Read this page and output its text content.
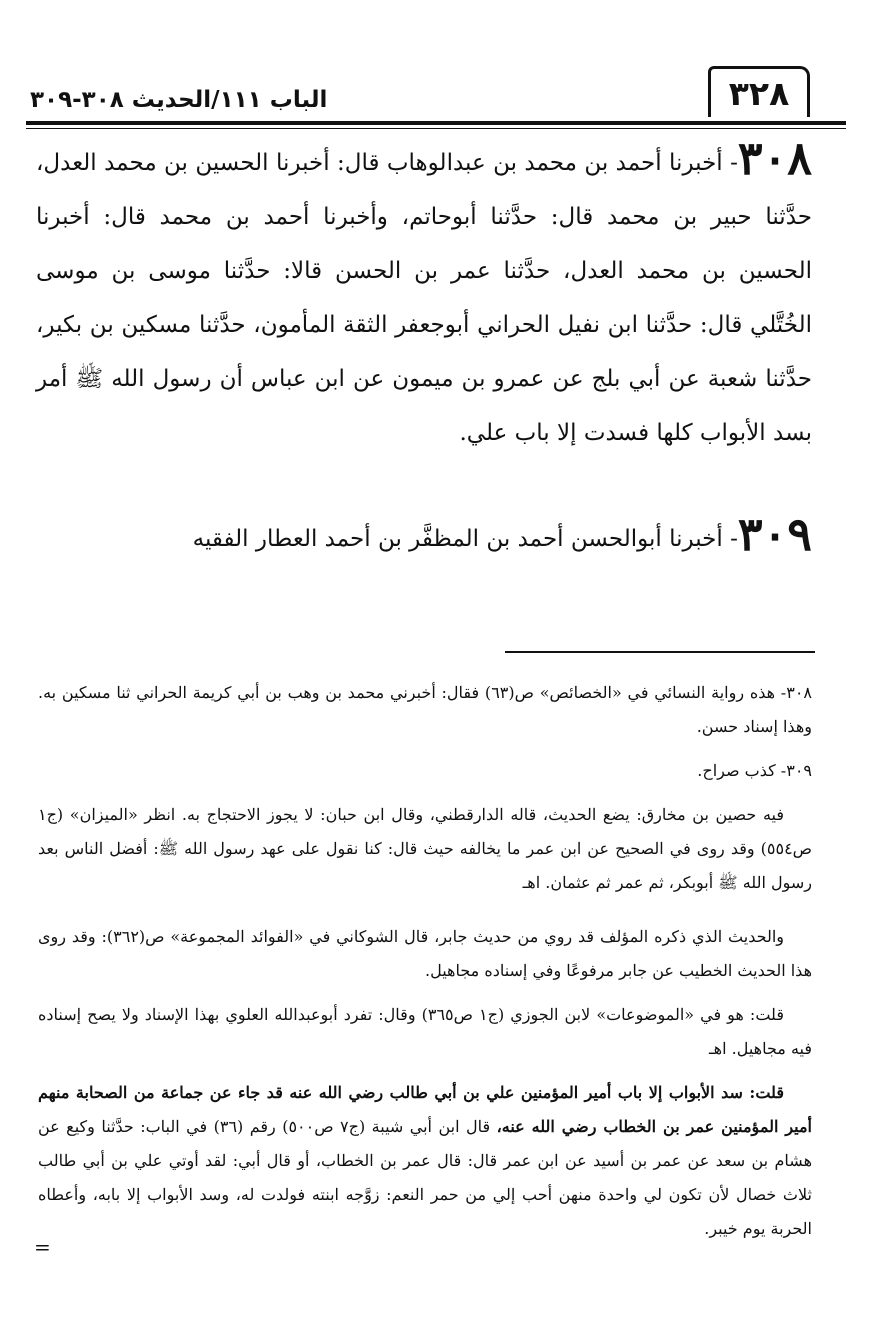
٣٢٨
الباب ١١١/الحديث ٣٠٨-٣٠٩
٣٠٨- أخبرنا أحمد بن محمد بن عبدالوهاب قال: أخبرنا الحسين بن محمد العدل، حدَّثنا حبير بن محمد قال: حدَّثنا أبوحاتم، وأخبرنا أحمد بن محمد قال: أخبرنا الحسين بن محمد العدل، حدَّثنا عمر بن الحسن قالا: حدَّثنا موسى بن موسى الخُتَّلي قال: حدَّثنا ابن نفيل الحراني أبوجعفر الثقة المأمون، حدَّثنا مسكين بن بكير، حدَّثنا شعبة عن أبي بلج عن عمرو بن ميمون عن ابن عباس أن رسول الله ﷺ أمر بسد الأبواب كلها فسدت إلا باب علي.
٣٠٩- أخبرنا أبوالحسن أحمد بن المظفَّر بن أحمد العطار الفقيه
٣٠٨- هذه رواية النسائي في «الخصائص» ص(٦٣) فقال: أخبرني محمد بن وهب بن أبي كريمة الحراني ثنا مسكين به. وهذا إسناد حسن.
٣٠٩- كذب صراح.
فيه حصين بن مخارق: يضع الحديث، قاله الدارقطني، وقال ابن حبان: لا يجوز الاحتجاج به. انظر «الميزان» (ج١ ص٥٥٤) وقد روى في الصحيح عن ابن عمر ما يخالفه حيث قال: كنا نقول على عهد رسول الله ﷺ: أفضل الناس بعد رسول الله ﷺ أبوبكر، ثم عمر ثم عثمان. اهـ
والحديث الذي ذكره المؤلف قد روي من حديث جابر، قال الشوكاني في «الفوائد المجموعة» ص(٣٦٢): وقد روى هذا الحديث الخطيب عن جابر مرفوعًا وفي إسناده مجاهيل.
قلت: هو في «الموضوعات» لابن الجوزي (ج١ ص٣٦٥) وقال: تفرد أبوعبدالله العلوي بهذا الإسناد ولا يصح إسناده فيه مجاهيل. اهـ
قلت: سد الأبواب إلا باب أمير المؤمنين علي بن أبي طالب رضي الله عنه قد جاء عن جماعة من الصحابة منهم أمير المؤمنين عمر بن الخطاب رضي الله عنه، قال ابن أبي شيبة (ج٧ ص٥٠٠) رقم (٣٦) في الباب: حدَّثنا وكيع عن هشام بن سعد عن عمر بن أسيد عن ابن عمر قال: قال عمر بن الخطاب، أو قال أبي: لقد أوتي علي بن أبي طالب ثلاث خصال لأن تكون لي واحدة منهن أحب إلي من حمر النعم: زوَّجه ابنته فولدت له، وسد الأبواب إلا بابه، وأعطاه الحربة يوم خيبر.
=
